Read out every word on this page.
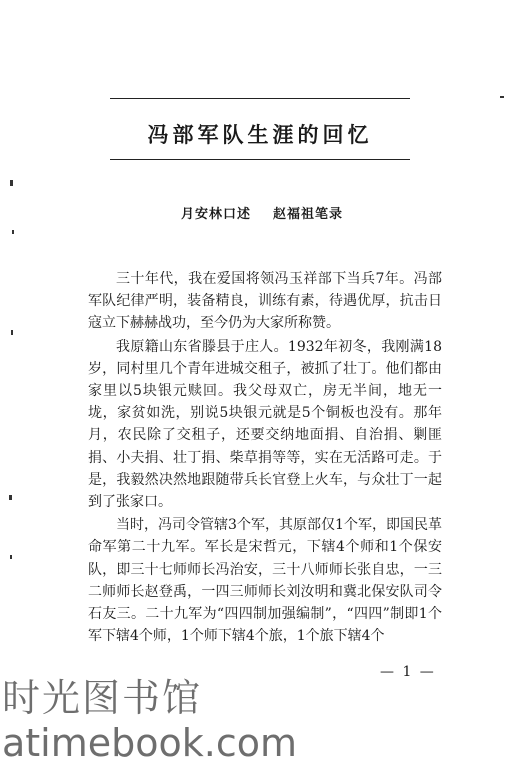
冯部军队生涯的回忆
月安林口述 赵福祖笔录

三十年代，我在爱国将领冯玉祥部下当兵7年。冯部军队纪律严明，装备精良，训练有素，待遇优厚，抗击日寇立下赫赫战功，至今仍为大家所称赞。

我原籍山东省滕县于庄人。1932年初冬，我刚满18岁，同村里几个青年进城交租子，被抓了壮丁。他们都由家里以5块银元赎回。我父母双亡，房无半间，地无一垅，家贫如洗，别说5块银元就是5个铜板也没有。那年月，农民除了交租子，还要交纳地面捐、自治捐、剿匪捐、小夫捐、壮丁捐、柴草捐等等，实在无活路可走。于是，我毅然决然地跟随带兵长官登上火车，与众壮丁一起到了张家口。

当时，冯司令管辖3个军，其原部仅1个军，即国民革命军第二十九军。军长是宋哲元，下辖4个师和1个保安队，即三十七师师长冯治安，三十八师师长张自忠，一三二师师长赵登禹，一四三师师长刘汝明和冀北保安队司令石友三。二十九军为“四四制加强编制”，“四四”制即1个军下辖4个师，1个师下辖4个旅，1个旅下辖4个

— 1 —
时光图书馆
atimebook.com
